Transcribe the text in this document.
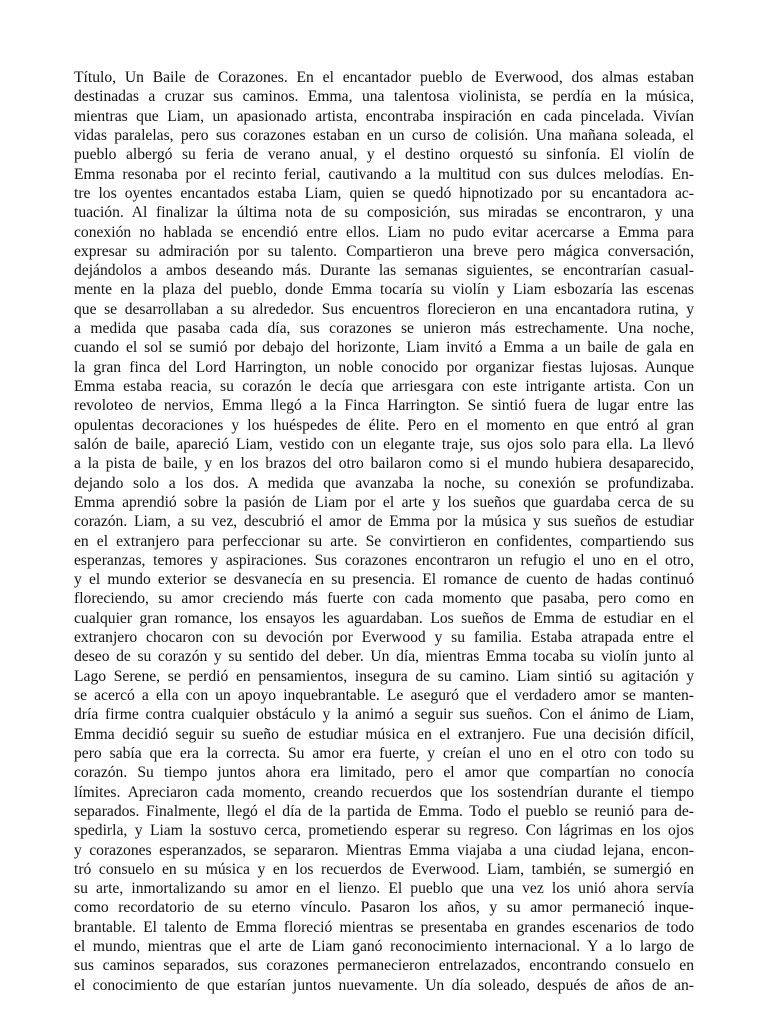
Título, Un Baile de Corazones. En el encantador pueblo de Everwood, dos almas estaban
destinadas a cruzar sus caminos. Emma, una talentosa violinista, se perdía en la música,
mientras que Liam, un apasionado artista, encontraba inspiración en cada pincelada. Vivían
vidas paralelas, pero sus corazones estaban en un curso de colisión. Una mañana soleada, el
pueblo albergó su feria de verano anual, y el destino orquestó su sinfonía. El violín de
Emma resonaba por el recinto ferial, cautivando a la multitud con sus dulces melodías. En-
tre los oyentes encantados estaba Liam, quien se quedó hipnotizado por su encantadora ac-
tuación. Al finalizar la última nota de su composición, sus miradas se encontraron, y una
conexión no hablada se encendió entre ellos. Liam no pudo evitar acercarse a Emma para
expresar su admiración por su talento. Compartieron una breve pero mágica conversación,
dejándolos a ambos deseando más. Durante las semanas siguientes, se encontrarían casual-
mente en la plaza del pueblo, donde Emma tocaría su violín y Liam esbozaría las escenas
que se desarrollaban a su alrededor. Sus encuentros florecieron en una encantadora rutina, y
a medida que pasaba cada día, sus corazones se unieron más estrechamente. Una noche,
cuando el sol se sumió por debajo del horizonte, Liam invitó a Emma a un baile de gala en
la gran finca del Lord Harrington, un noble conocido por organizar fiestas lujosas. Aunque
Emma estaba reacia, su corazón le decía que arriesgara con este intrigante artista. Con un
revoloteo de nervios, Emma llegó a la Finca Harrington. Se sintió fuera de lugar entre las
opulentas decoraciones y los huéspedes de élite. Pero en el momento en que entró al gran
salón de baile, apareció Liam, vestido con un elegante traje, sus ojos solo para ella. La llevó
a la pista de baile, y en los brazos del otro bailaron como si el mundo hubiera desaparecido,
dejando solo a los dos. A medida que avanzaba la noche, su conexión se profundizaba.
Emma aprendió sobre la pasión de Liam por el arte y los sueños que guardaba cerca de su
corazón. Liam, a su vez, descubrió el amor de Emma por la música y sus sueños de estudiar
en el extranjero para perfeccionar su arte. Se convirtieron en confidentes, compartiendo sus
esperanzas, temores y aspiraciones. Sus corazones encontraron un refugio el uno en el otro,
y el mundo exterior se desvanecía en su presencia. El romance de cuento de hadas continuó
floreciendo, su amor creciendo más fuerte con cada momento que pasaba, pero como en
cualquier gran romance, los ensayos les aguardaban. Los sueños de Emma de estudiar en el
extranjero chocaron con su devoción por Everwood y su familia. Estaba atrapada entre el
deseo de su corazón y su sentido del deber. Un día, mientras Emma tocaba su violín junto al
Lago Serene, se perdió en pensamientos, insegura de su camino. Liam sintió su agitación y
se acercó a ella con un apoyo inquebrantable. Le aseguró que el verdadero amor se manten-
dría firme contra cualquier obstáculo y la animó a seguir sus sueños. Con el ánimo de Liam,
Emma decidió seguir su sueño de estudiar música en el extranjero. Fue una decisión difícil,
pero sabía que era la correcta. Su amor era fuerte, y creían el uno en el otro con todo su
corazón. Su tiempo juntos ahora era limitado, pero el amor que compartían no conocía
límites. Apreciaron cada momento, creando recuerdos que los sostendrían durante el tiempo
separados. Finalmente, llegó el día de la partida de Emma. Todo el pueblo se reunió para de-
spedirla, y Liam la sostuvo cerca, prometiendo esperar su regreso. Con lágrimas en los ojos
y corazones esperanzados, se separaron. Mientras Emma viajaba a una ciudad lejana, encon-
tró consuelo en su música y en los recuerdos de Everwood. Liam, también, se sumergió en
su arte, inmortalizando su amor en el lienzo. El pueblo que una vez los unió ahora servía
como recordatorio de su eterno vínculo. Pasaron los años, y su amor permaneció inque-
brantable. El talento de Emma floreció mientras se presentaba en grandes escenarios de todo
el mundo, mientras que el arte de Liam ganó reconocimiento internacional. Y a lo largo de
sus caminos separados, sus corazones permanecieron entrelazados, encontrando consuelo en
el conocimiento de que estarían juntos nuevamente. Un día soleado, después de años de an-
